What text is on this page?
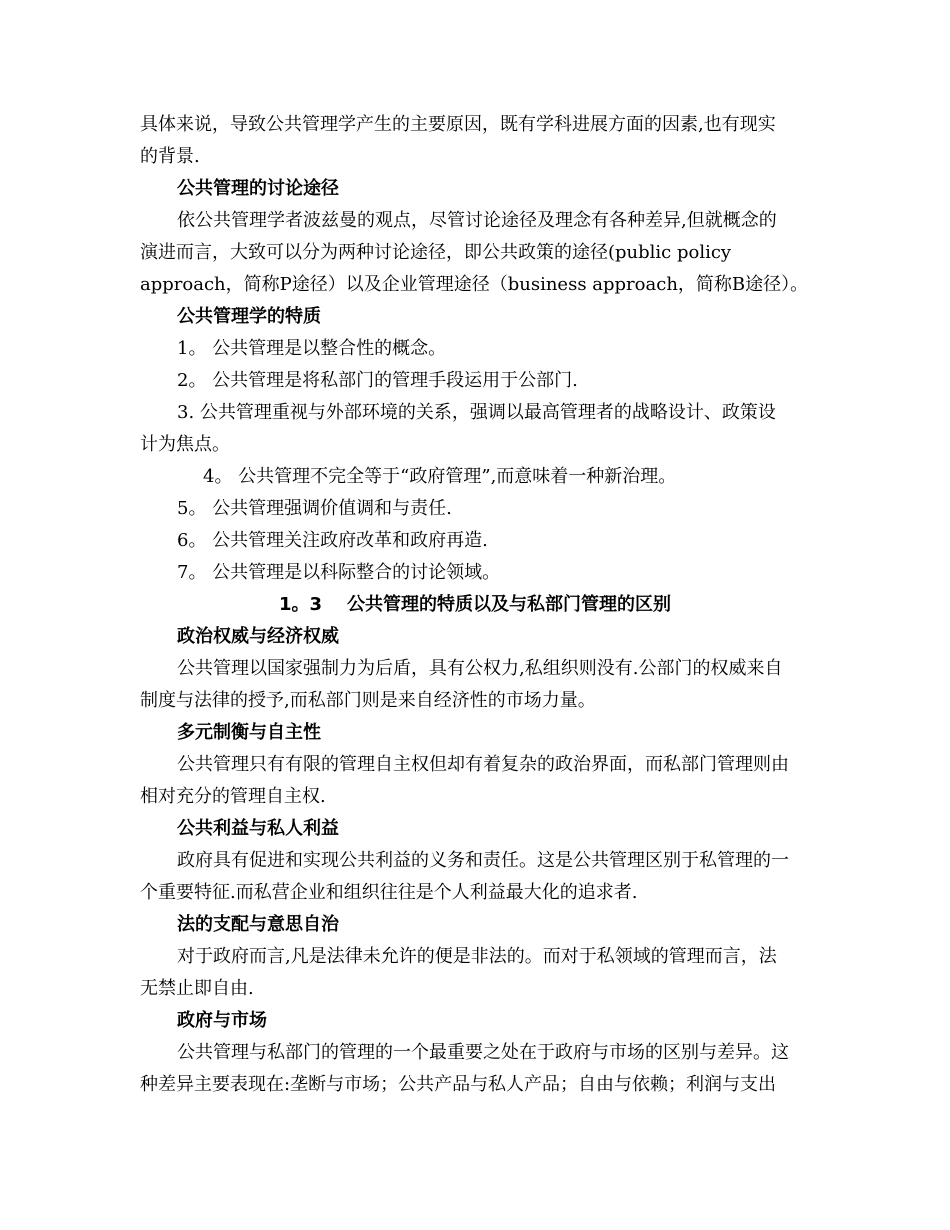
具体来说，导致公共管理学产生的主要原因，既有学科进展方面的因素,也有现实
的背景.
公共管理的讨论途径
依公共管理学者波兹曼的观点，尽管讨论途径及理念有各种差异,但就概念的
演进而言，大致可以分为两种讨论途径，即公共政策的途径(public policy
approach，简称P途径）以及企业管理途径（business approach，简称B途径）。
公共管理学的特质
1。 公共管理是以整合性的概念。
2。 公共管理是将私部门的管理手段运用于公部门.
3. 公共管理重视与外部环境的关系，强调以最高管理者的战略设计、政策设
计为焦点。
4。 公共管理不完全等于“政府管理”,而意味着一种新治理。
5。 公共管理强调价值调和与责任.
6。 公共管理关注政府改革和政府再造.
7。 公共管理是以科际整合的讨论领域。
1。3    公共管理的特质以及与私部门管理的区别
政治权威与经济权威
公共管理以国家强制力为后盾，具有公权力,私组织则没有.公部门的权威来自
制度与法律的授予,而私部门则是来自经济性的市场力量。
多元制衡与自主性
公共管理只有有限的管理自主权但却有着复杂的政治界面，而私部门管理则由
相对充分的管理自主权.
公共利益与私人利益
政府具有促进和实现公共利益的义务和责任。这是公共管理区别于私管理的一
个重要特征.而私营企业和组织往往是个人利益最大化的追求者.
法的支配与意思自治
对于政府而言,凡是法律未允许的便是非法的。而对于私领域的管理而言，法
无禁止即自由.
政府与市场
公共管理与私部门的管理的一个最重要之处在于政府与市场的区别与差异。这
种差异主要表现在:垄断与市场；公共产品与私人产品；自由与依赖；利润与支出
